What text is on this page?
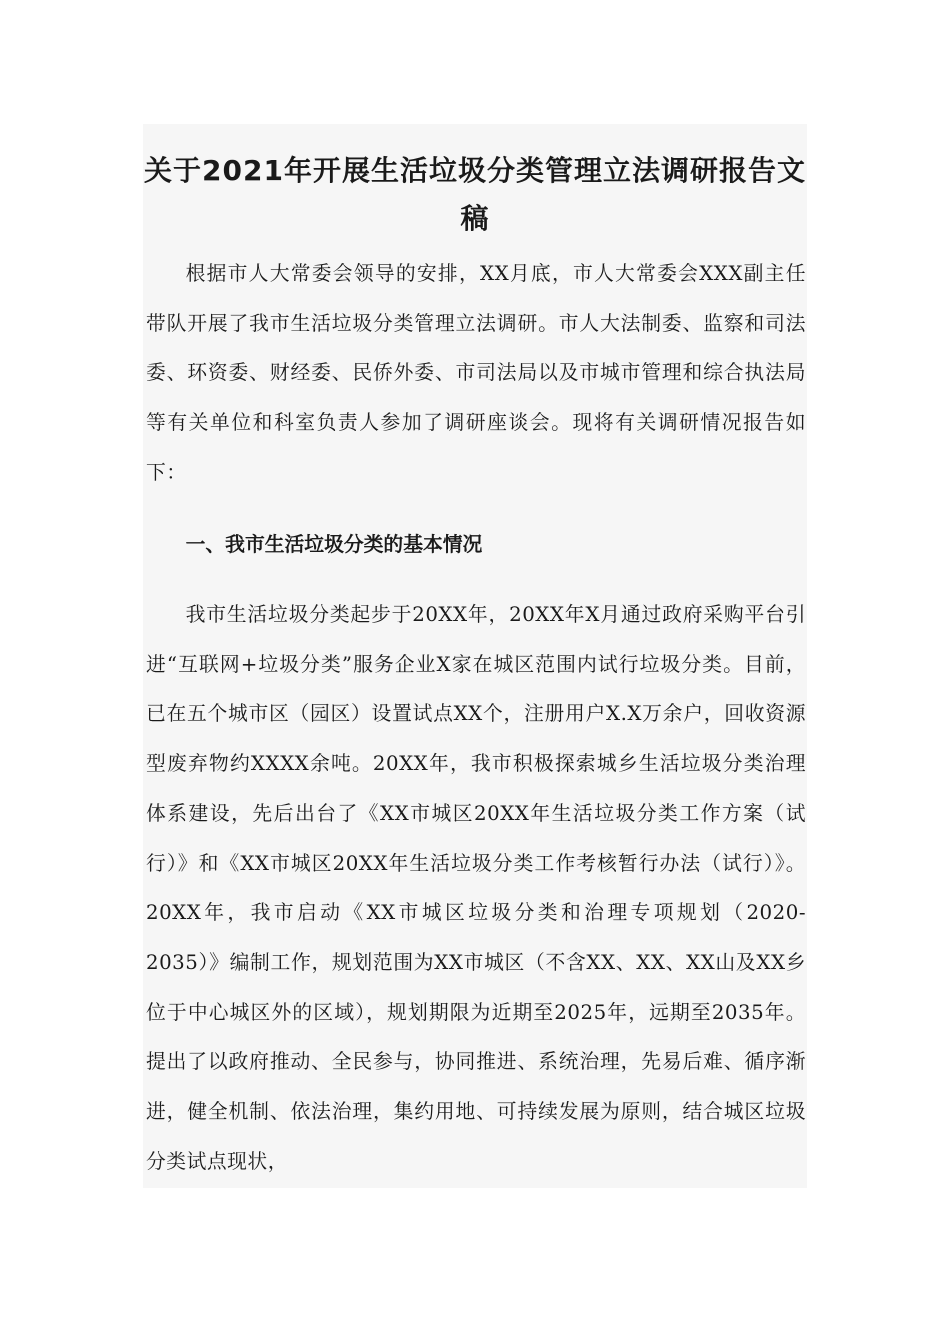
关于2021年开展生活垃圾分类管理立法调研报告文稿

根据市人大常委会领导的安排，XX月底，市人大常委会XXX副主任带队开展了我市生活垃圾分类管理立法调研。市人大法制委、监察和司法委、环资委、财经委、民侨外委、市司法局以及市城市管理和综合执法局等有关单位和科室负责人参加了调研座谈会。现将有关调研情况报告如下：

一、我市生活垃圾分类的基本情况

我市生活垃圾分类起步于20XX年，20XX年X月通过政府采购平台引进“互联网+垃圾分类”服务企业X家在城区范围内试行垃圾分类。目前，已在五个城市区（园区）设置试点XX个，注册用户X.X万余户，回收资源型废弃物约XXXX余吨。20XX年，我市积极探索城乡生活垃圾分类治理体系建设，先后出台了《XX市城区20XX年生活垃圾分类工作方案（试行）》和《XX市城区20XX年生活垃圾分类工作考核暂行办法（试行）》。20XX年，我市启动《XX市城区垃圾分类和治理专项规划（2020-2035）》编制工作，规划范围为XX市城区（不含XX、XX、XX山及XX乡位于中心城区外的区域），规划期限为近期至2025年，远期至2035年。提出了以政府推动、全民参与，协同推进、系统治理，先易后难、循序渐进，健全机制、依法治理，集约用地、可持续发展为原则，结合城区垃圾分类试点现状，
